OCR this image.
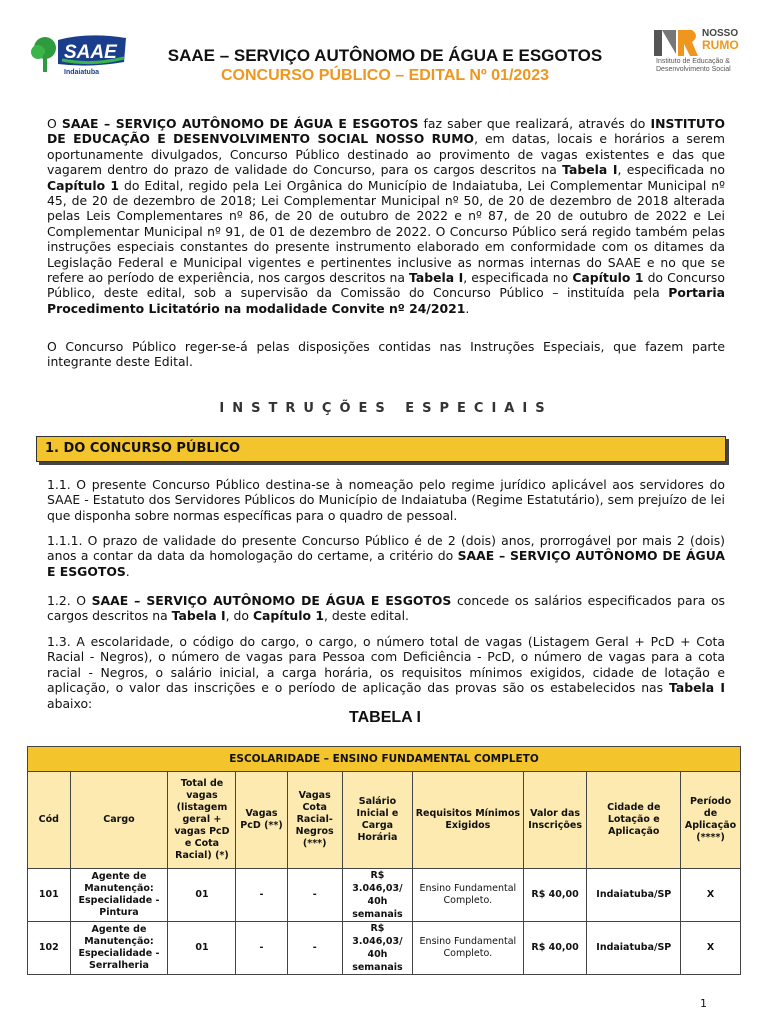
SAAE
Indaiatuba
SAAE – SERVIÇO AUTÔNOMO DE ÁGUA E ESGOTOS
CONCURSO PÚBLICO – EDITAL Nº 01/2023
NOSSO
RUMO
Instituto de Educação & Desenvolvimento Social
O SAAE – SERVIÇO AUTÔNOMO DE ÁGUA E ESGOTOS faz saber que realizará, através do INSTITUTO DE EDUCAÇÃO E DESENVOLVIMENTO SOCIAL NOSSO RUMO, em datas, locais e horários a serem oportunamente divulgados, Concurso Público destinado ao provimento de vagas existentes e das que vagarem dentro do prazo de validade do Concurso, para os cargos descritos na Tabela I, especificada no Capítulo 1 do Edital, regido pela Lei Orgânica do Município de Indaiatuba, Lei Complementar Municipal nº 45, de 20 de dezembro de 2018; Lei Complementar Municipal nº 50, de 20 de dezembro de 2018 alterada pelas Leis Complementares nº 86, de 20 de outubro de 2022 e nº 87, de 20 de outubro de 2022 e Lei Complementar Municipal nº 91, de 01 de dezembro de 2022. O Concurso Público será regido também pelas instruções especiais constantes do presente instrumento elaborado em conformidade com os ditames da Legislação Federal e Municipal vigentes e pertinentes inclusive as normas internas do SAAE e no que se refere ao período de experiência, nos cargos descritos na Tabela I, especificada no Capítulo 1 do Concurso Público, deste edital, sob a supervisão da Comissão do Concurso Público – instituída pela Portaria Procedimento Licitatório na modalidade Convite nº 24/2021.
O Concurso Público reger-se-á pelas disposições contidas nas Instruções Especiais, que fazem parte integrante deste Edital.
INSTRUÇÕES ESPECIAIS
1. DO CONCURSO PÚBLICO
1.1. O presente Concurso Público destina-se à nomeação pelo regime jurídico aplicável aos servidores do SAAE - Estatuto dos Servidores Públicos do Município de Indaiatuba (Regime Estatutário), sem prejuízo de lei que disponha sobre normas específicas para o quadro de pessoal.
1.1.1. O prazo de validade do presente Concurso Público é de 2 (dois) anos, prorrogável por mais 2 (dois) anos a contar da data da homologação do certame, a critério do SAAE – SERVIÇO AUTÔNOMO DE ÁGUA E ESGOTOS.
1.2. O SAAE – SERVIÇO AUTÔNOMO DE ÁGUA E ESGOTOS concede os salários especificados para os cargos descritos na Tabela I, do Capítulo 1, deste edital.
1.3. A escolaridade, o código do cargo, o cargo, o número total de vagas (Listagem Geral + PcD + Cota Racial - Negros), o número de vagas para Pessoa com Deficiência - PcD, o número de vagas para a cota racial - Negros, o salário inicial, a carga horária, os requisitos mínimos exigidos, cidade de lotação e aplicação, o valor das inscrições e o período de aplicação das provas são os estabelecidos nas Tabela I abaixo:
TABELA I
ESCOLARIDADE – ENSINO FUNDAMENTAL COMPLETO									
Cód	Cargo	Total de vagas (listagem geral + vagas PcD e Cota Racial) (*)	Vagas PcD (**)	Vagas Cota Racial-Negros (***)	Salário Inicial e Carga Horária	Requisitos Mínimos Exigidos	Valor das Inscrições	Cidade de Lotação e Aplicação	Período de Aplicação (****)
101	Agente de Manutenção: Especialidade - Pintura	01	-	-	R$ 3.046,03/ 40h semanais	Ensino Fundamental Completo.	R$ 40,00	Indaiatuba/SP	X
102	Agente de Manutenção: Especialidade - Serralheria	01	-	-	R$ 3.046,03/ 40h semanais	Ensino Fundamental Completo.	R$ 40,00	Indaiatuba/SP	X
1
